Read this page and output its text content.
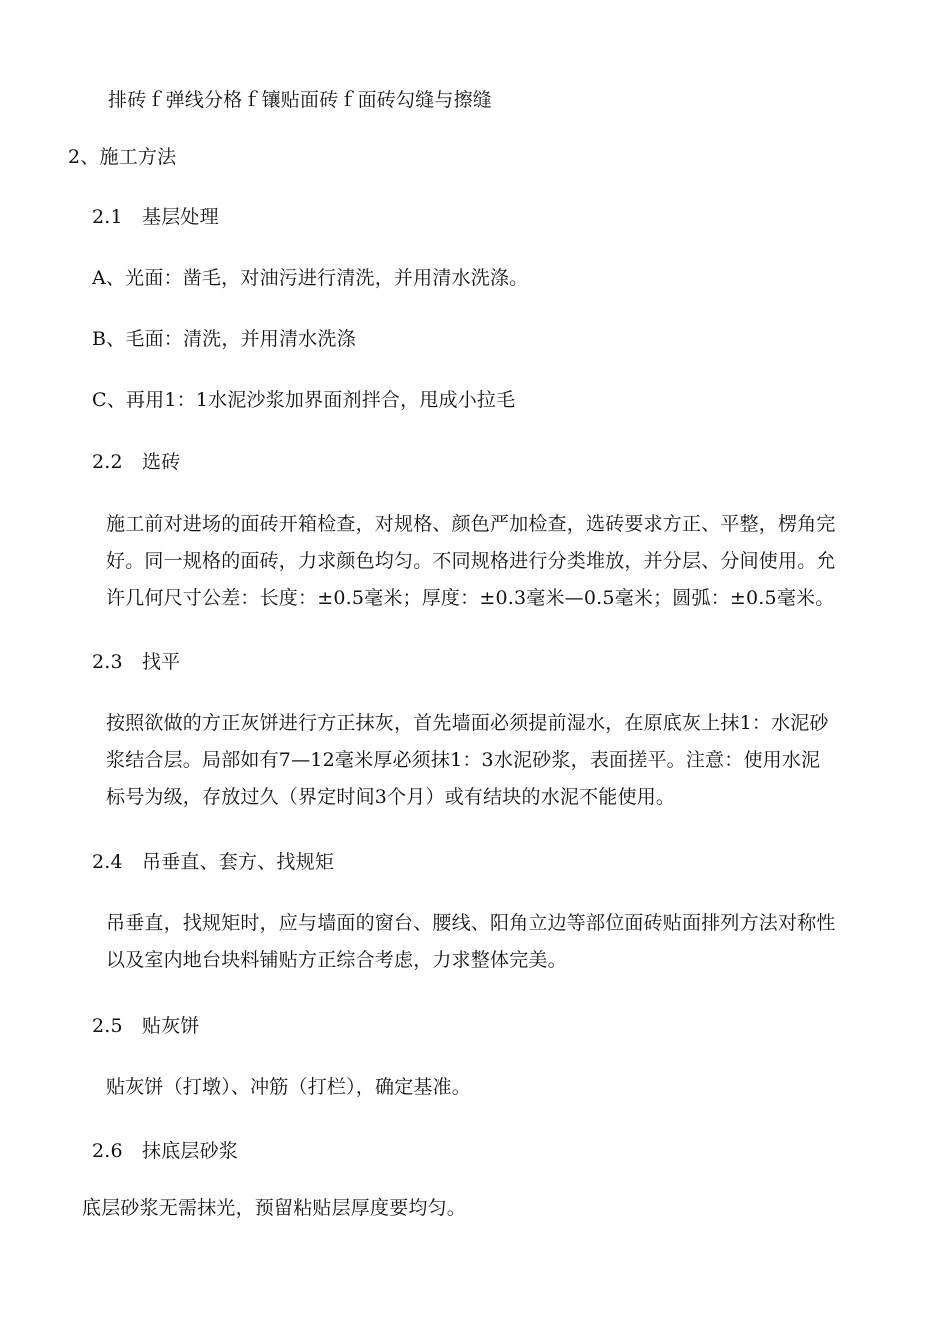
排砖ｆ弹线分格ｆ镶贴面砖ｆ面砖勾缝与擦缝
2、施工方法
2.1　基层处理
A、光面：凿毛，对油污进行清洗，并用清水洗涤。
B、毛面：清洗，并用清水洗涤
C、再用1：1水泥沙浆加界面剂拌合，甩成小拉毛
2.2　选砖
施工前对进场的面砖开箱检查，对规格、颜色严加检查，选砖要求方正、平整，楞角完
好。同一规格的面砖，力求颜色均匀。不同规格进行分类堆放，并分层、分间使用。允
许几何尺寸公差：长度：±0.5毫米；厚度：±0.3毫米—0.5毫米；圆弧：±0.5毫米。
2.3　找平
按照欲做的方正灰饼进行方正抹灰，首先墙面必须提前湿水，在原底灰上抹1：水泥砂
浆结合层。局部如有7—12毫米厚必须抹1：3水泥砂浆，表面搓平。注意：使用水泥
标号为级，存放过久（界定时间3个月）或有结块的水泥不能使用。
2.4　吊垂直、套方、找规矩
吊垂直，找规矩时，应与墙面的窗台、腰线、阳角立边等部位面砖贴面排列方法对称性
以及室内地台块料铺贴方正综合考虑，力求整体完美。
2.5　贴灰饼
贴灰饼（打墩）、冲筋（打栏），确定基准。
2.6　抹底层砂浆
底层砂浆无需抹光，预留粘贴层厚度要均匀。
